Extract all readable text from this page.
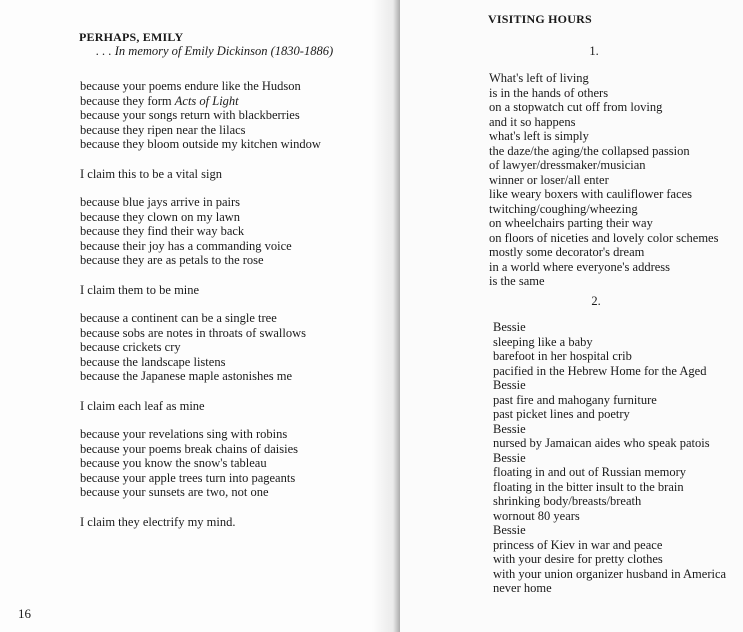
PERHAPS, EMILY
. . . In memory of Emily Dickinson (1830-1886)
because your poems endure like the Hudson
because they form Acts of Light
because your songs return with blackberries
because they ripen near the lilacs
because they bloom outside my kitchen window
I claim this to be a vital sign
because blue jays arrive in pairs
because they clown on my lawn
because they find their way back
because their joy has a commanding voice
because they are as petals to the rose
I claim them to be mine
because a continent can be a single tree
because sobs are notes in throats of swallows
because crickets cry
because the landscape listens
because the Japanese maple astonishes me
I claim each leaf as mine
because your revelations sing with robins
because your poems break chains of daisies
because you know the snow's tableau
because your apple trees turn into pageants
because your sunsets are two, not one
I claim they electrify my mind.
16
VISITING HOURS
1.
What's left of living
is in the hands of others
on a stopwatch cut off from loving
and it so happens
what's left is simply
the daze/the aging/the collapsed passion
of lawyer/dressmaker/musician
winner or loser/all enter
like weary boxers with cauliflower faces
twitching/coughing/wheezing
on wheelchairs parting their way
on floors of niceties and lovely color schemes
mostly some decorator's dream
in a world where everyone's address
is the same
2.
Bessie
sleeping like a baby
barefoot in her hospital crib
pacified in the Hebrew Home for the Aged
Bessie
past fire and mahogany furniture
past picket lines and poetry
Bessie
nursed by Jamaican aides who speak patois
Bessie
floating in and out of Russian memory
floating in the bitter insult to the brain
shrinking body/breasts/breath
wornout 80 years
Bessie
princess of Kiev in war and peace
with your desire for pretty clothes
with your union organizer husband in America
never home
